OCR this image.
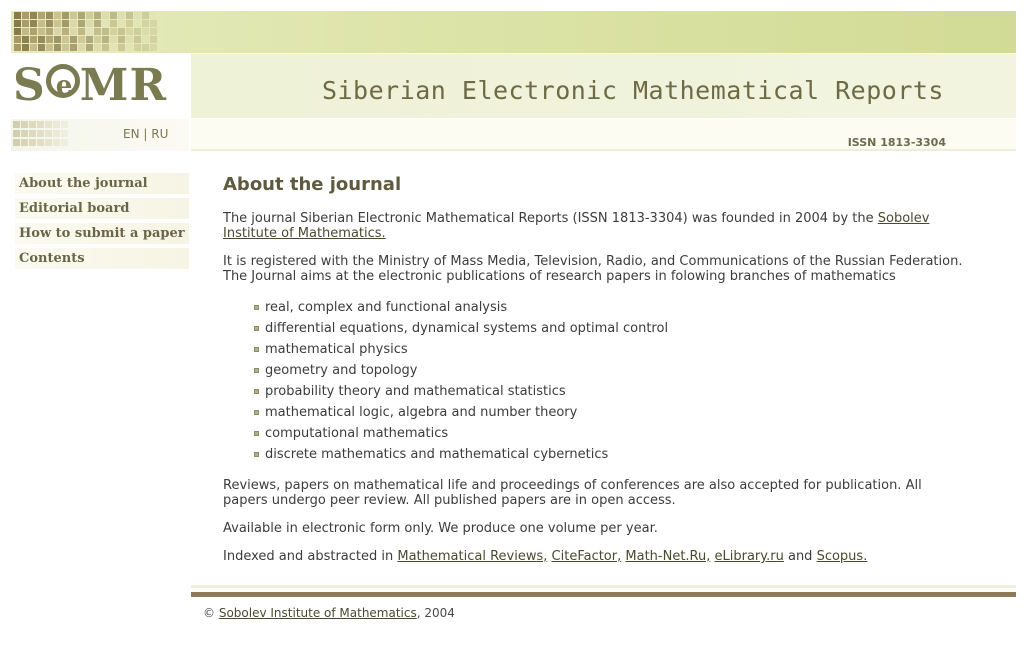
Se MR	Siberian Electronic Mathematical Reports
EN | RU
ISSN 1813-3304
About the journal
Editorial board
How to submit a paper
Contents
About the journal

The journal Siberian Electronic Mathematical Reports (ISSN 1813-3304) was founded in 2004 by the Sobolev Institute of Mathematics.

It is registered with the Ministry of Mass Media, Television, Radio, and Communications of the Russian Federation.
The Journal aims at the electronic publications of research papers in folowing branches of mathematics

real, complex and functional analysis
differential equations, dynamical systems and optimal control
mathematical physics
geometry and topology
probability theory and mathematical statistics
mathematical logic, algebra and number theory
computational mathematics
discrete mathematics and mathematical cybernetics

Reviews, papers on mathematical life and proceedings of conferences are also accepted for publication. All papers undergo peer review. All published papers are in open access.

Available in electronic form only. We produce one volume per year.

Indexed and abstracted in Mathematical Reviews, CiteFactor, Math-Net.Ru, eLibrary.ru and Scopus.

© Sobolev Institute of Mathematics, 2004
